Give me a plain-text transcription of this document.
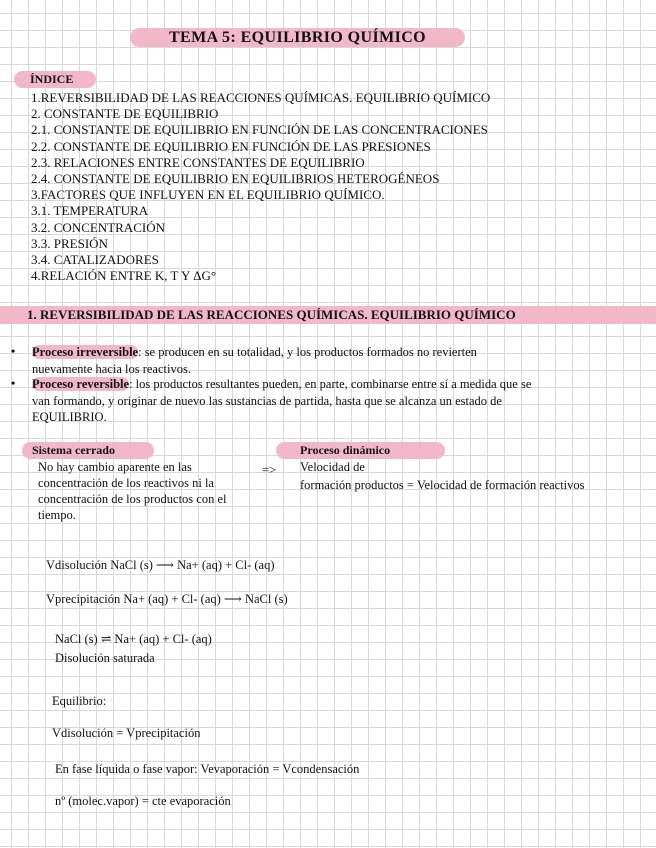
TEMA 5: EQUILIBRIO QUÍMICO
ÍNDICE
1.REVERSIBILIDAD DE LAS REACCIONES QUÍMICAS. EQUILIBRIO QUÍMICO
2. CONSTANTE DE EQUILIBRIO
2.1. CONSTANTE DE EQUILIBRIO EN FUNCIÓN DE LAS CONCENTRACIONES
2.2. CONSTANTE DE EQUILIBRIO EN FUNCIÓN DE LAS PRESIONES
2.3. RELACIONES ENTRE CONSTANTES DE EQUILIBRIO
2.4. CONSTANTE DE EQUILIBRIO EN EQUILIBRIOS HETEROGÉNEOS
3.FACTORES QUE INFLUYEN EN EL EQUILIBRIO QUÍMICO.
3.1. TEMPERATURA
3.2. CONCENTRACIÓN
3.3. PRESIÓN
3.4. CATALIZADORES
4.RELACIÓN ENTRE K, T Y ΔG°
1. REVERSIBILIDAD DE LAS REACCIONES QUÍMICAS. EQUILIBRIO QUÍMICO
• Proceso irreversible: se producen en su totalidad, y los productos formados no revierten
nuevamente hacia los reactivos.
• Proceso reversible: los productos resultantes pueden, en parte, combinarse entre sí a medida que se
van formando, y originar de nuevo las sustancias de partida, hasta que se alcanza un estado de
EQUILIBRIO.
Sistema cerrado
No hay cambio aparente en las concentración de los reactivos ni la concentración de los productos con el tiempo.
=>
Proceso dinámico
Velocidad de
formación productos = Velocidad de formación reactivos
Vdisolución NaCl (s) ⟶ Na+ (aq) + Cl- (aq)
Vprecipitación Na+ (aq) + Cl- (aq) ⟶ NaCl (s)
NaCl (s) ⇌ Na+ (aq) + Cl- (aq)
Disolución saturada
Equilibrio:
Vdisolución = Vprecipitación
En fase líquida o fase vapor: Vevaporación = Vcondensación
nº (molec.vapor) = cte evaporación
